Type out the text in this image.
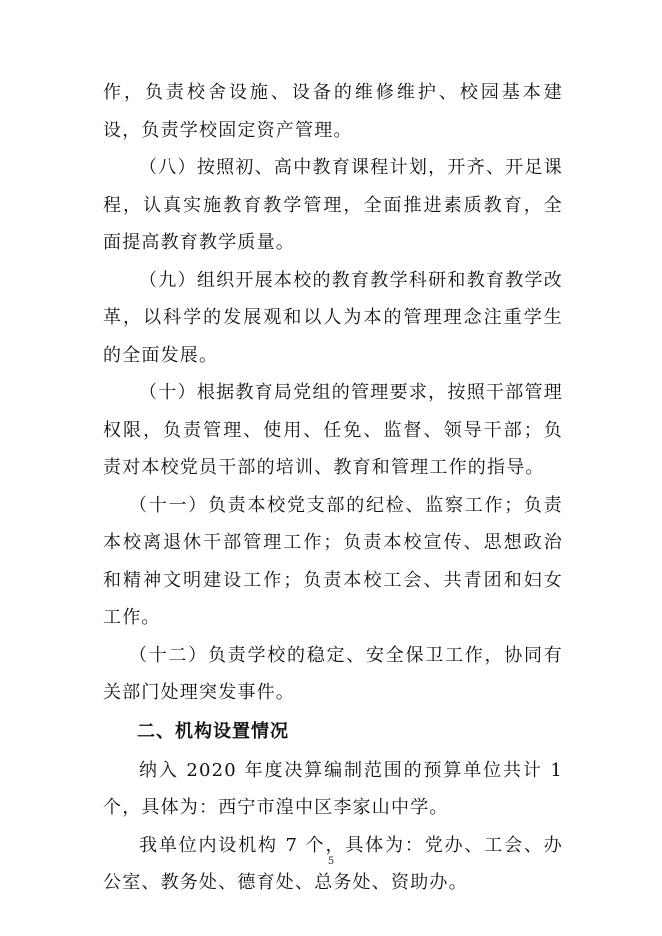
作，负责校舍设施、设备的维修维护、校园基本建设，负责学校固定资产管理。

（八）按照初、高中教育课程计划，开齐、开足课程，认真实施教育教学管理，全面推进素质教育，全面提高教育教学质量。

（九）组织开展本校的教育教学科研和教育教学改革，以科学的发展观和以人为本的管理理念注重学生的全面发展。

（十）根据教育局党组的管理要求，按照干部管理权限，负责管理、使用、任免、监督、领导干部；负责对本校党员干部的培训、教育和管理工作的指导。

（十一）负责本校党支部的纪检、监察工作；负责本校离退休干部管理工作；负责本校宣传、思想政治和精神文明建设工作；负责本校工会、共青团和妇女工作。

（十二）负责学校的稳定、安全保卫工作，协同有关部门处理突发事件。

二、机构设置情况

纳入 2020 年度决算编制范围的预算单位共计 1 个，具体为：西宁市湟中区李家山中学。

我单位内设机构 7 个，具体为：党办、工会、办公室、教务处、德育处、总务处、资助办。

5
